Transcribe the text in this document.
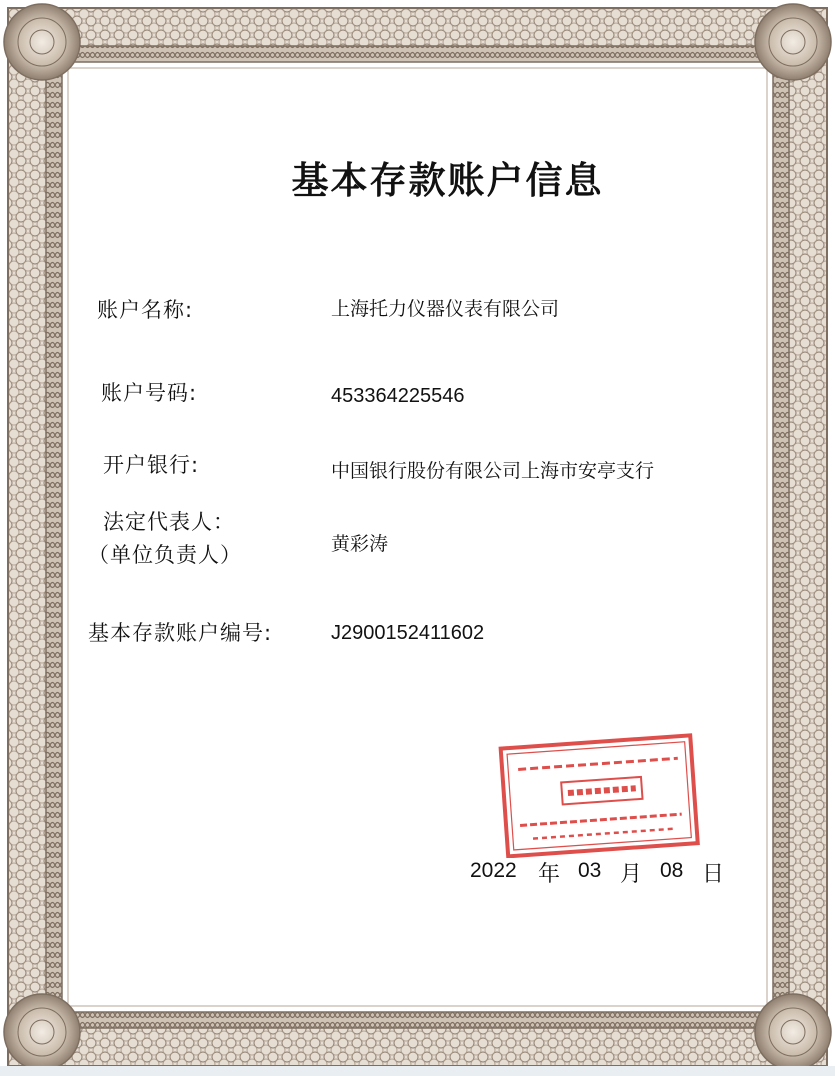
基本存款账户信息
账户名称:	上海托力仪器仪表有限公司
账户号码:	453364225546
开户银行:	中国银行股份有限公司上海市安亭支行
法定代表人：
（单位负责人）	黄彩涛
基本存款账户编号:	J2900152411602
2022 年 03 月 08 日
